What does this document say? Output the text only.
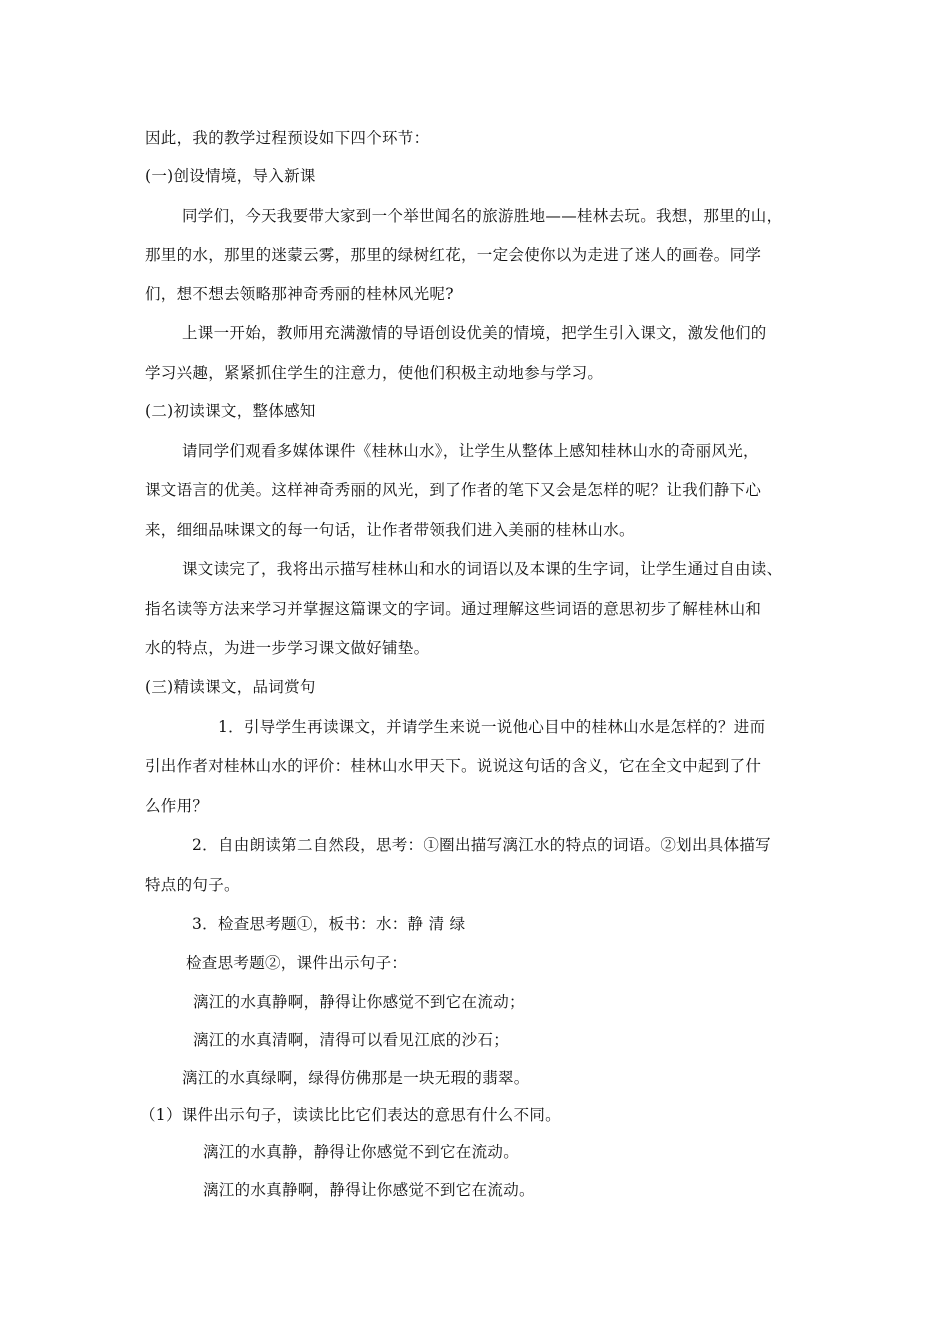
因此，我的教学过程预设如下四个环节：
(一)创设情境，导入新课
同学们，今天我要带大家到一个举世闻名的旅游胜地——桂林去玩。我想，那里的山，
那里的水，那里的迷蒙云雾，那里的绿树红花，一定会使你以为走进了迷人的画卷。同学
们，想不想去领略那神奇秀丽的桂林风光呢?
上课一开始，教师用充满激情的导语创设优美的情境，把学生引入课文，激发他们的
学习兴趣，紧紧抓住学生的注意力，使他们积极主动地参与学习。
(二)初读课文，整体感知
请同学们观看多媒体课件《桂林山水》，让学生从整体上感知桂林山水的奇丽风光，
课文语言的优美。这样神奇秀丽的风光，到了作者的笔下又会是怎样的呢？让我们静下心
来，细细品味课文的每一句话，让作者带领我们进入美丽的桂林山水。
课文读完了，我将出示描写桂林山和水的词语以及本课的生字词，让学生通过自由读、
指名读等方法来学习并掌握这篇课文的字词。通过理解这些词语的意思初步了解桂林山和
水的特点，为进一步学习课文做好铺垫。
(三)精读课文，品词赏句
1．引导学生再读课文，并请学生来说一说他心目中的桂林山水是怎样的？进而
引出作者对桂林山水的评价：桂林山水甲天下。说说这句话的含义，它在全文中起到了什
么作用？
2．自由朗读第二自然段，思考：①圈出描写漓江水的特点的词语。②划出具体描写
特点的句子。
3．检查思考题①，板书：水：静 清 绿
检查思考题②，课件出示句子：
漓江的水真静啊，静得让你感觉不到它在流动；
漓江的水真清啊，清得可以看见江底的沙石；
漓江的水真绿啊，绿得仿佛那是一块无瑕的翡翠。
（1）课件出示句子，读读比比它们表达的意思有什么不同。
漓江的水真静，静得让你感觉不到它在流动。
漓江的水真静啊，静得让你感觉不到它在流动。
